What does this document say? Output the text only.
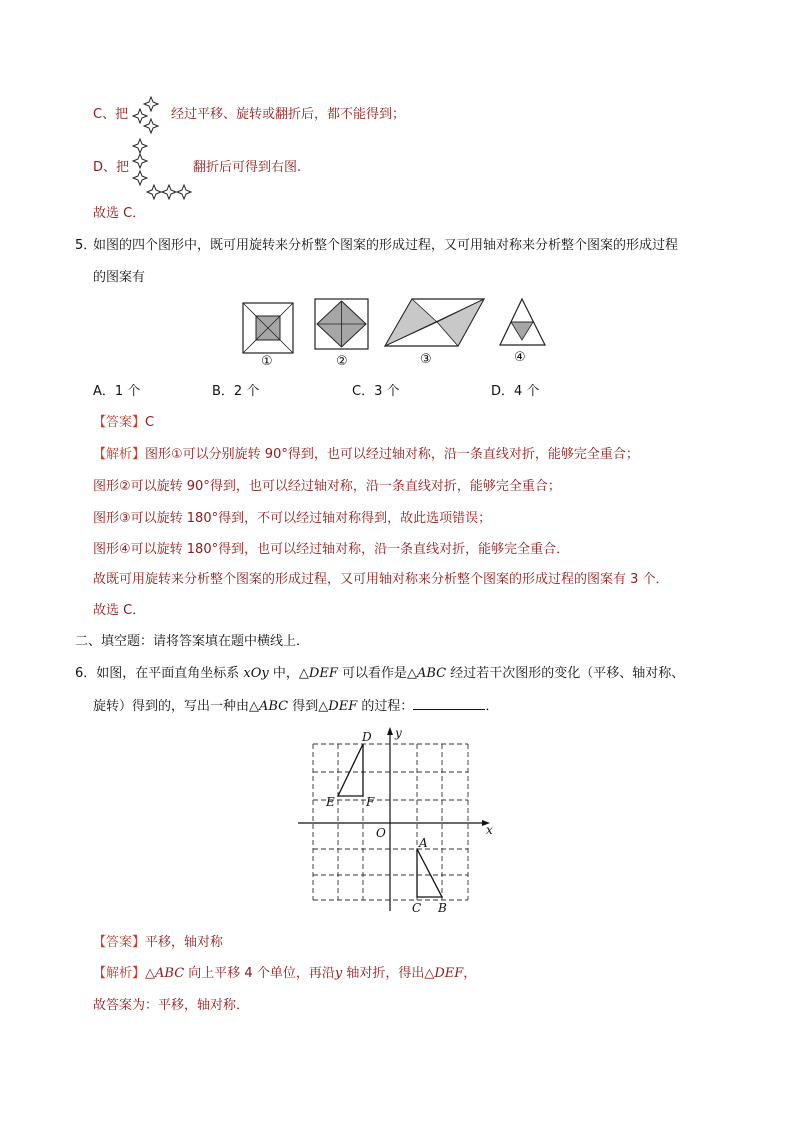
C、把	经过平移、旋转或翻折后，都不能得到；
D、把	翻折后可得到右图.
故选 C．
5．
如图的四个图形中，既可用旋转来分析整个图案的形成过程，又可用轴对称来分析整个图案的形成过程
的图案有
①	②	③	④
A．1 个	B．2 个	C．3 个	D．4 个
【答案】C
【解析】图形①可以分别旋转 90°得到，也可以经过轴对称，沿一条直线对折，能够完全重合；
图形②可以旋转 90°得到，也可以经过轴对称，沿一条直线对折，能够完全重合；
图形③可以旋转 180°得到，不可以经过轴对称得到，故此选项错误；
图形④可以旋转 180°得到，也可以经过轴对称，沿一条直线对折，能够完全重合．
故既可用旋转来分析整个图案的形成过程，又可用轴对称来分析整个图案的形成过程的图案有 3 个．
故选 C．
二、填空题：请将答案填在题中横线上．
6．如图，在平面直角坐标系 xOy 中，△DEF 可以看作是△ABC 经过若干次图形的变化（平移、轴对称、
旋转）得到的，写出一种由△ABC 得到△DEF 的过程：	．
y
x
O
D
E	F
A
C B
【答案】平移，轴对称
【解析】△ABC 向上平移 4 个单位，再沿y 轴对折，得出△DEF，
故答案为：平移，轴对称．
